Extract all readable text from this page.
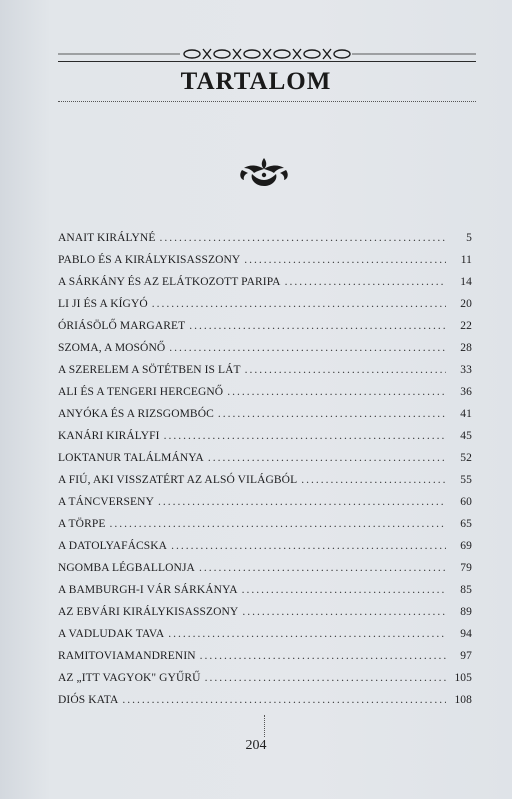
TARTALOM
ANAIT KIRÁLYNÉ .....	5
PABLO ÉS A KIRÁLYKISASSZONY .....	11
A SÁRKÁNY ÉS AZ ELÁTKOZOTT PARIPA .....	14
LI JI ÉS A KÍGYÓ .....	20
ÓRIÁSÖLŐ MARGARET .....	22
SZOMA, A MOSÓNŐ .....	28
A SZERELEM A SÖTÉTBEN IS LÁT .....	33
ALI ÉS A TENGERI HERCEGNŐ .....	36
ANYÓKA ÉS A RIZSGOMBÓC .....	41
KANÁRI KIRÁLYFI .....	45
LOKTANUR TALÁLMÁNYA .....	52
A FIÚ, AKI VISSZATÉRT AZ ALSÓ VILÁGBÓL .....	55
A TÁNCVERSENY .....	60
A TÖRPE .....	65
A DATOLYAFÁCSKA .....	69
NGOMBA LÉGBALLONJA .....	79
A BAMBURGH-I VÁR SÁRKÁNYA .....	85
AZ EBVÁRI KIRÁLYKISASSZONY .....	89
A VADLUDAK TAVA .....	94
RAMITOVIAMANDRENIN .....	97
AZ „ITT VAGYOK" GYŰRŰ .....	105
DIÓS KATA .....	108
204
